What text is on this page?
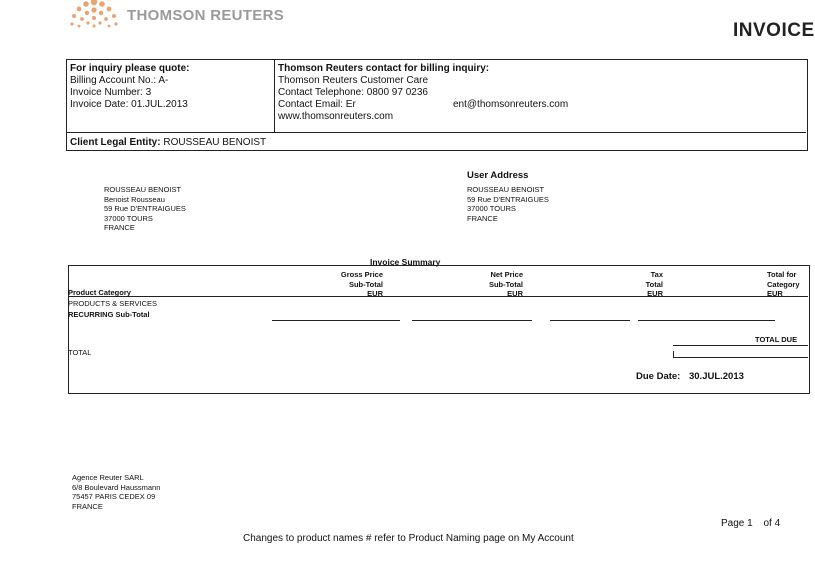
THOMSON REUTERS
INVOICE
For inquiry please quote:
Billing Account No.: A-
Invoice Number: 3
Invoice Date: 01.JUL.2013
Thomson Reuters contact for billing inquiry:
Thomson Reuters Customer Care
Contact Telephone: 0800 97 0236
Contact Email: Er	ent@thomsonreuters.com
www.thomsonreuters.com
Client Legal Entity: ROUSSEAU BENOIST
ROUSSEAU BENOIST
Benoist Rousseau
59 Rue D'ENTRAIGUES
37000 TOURS
FRANCE
User Address
ROUSSEAU BENOIST
59 Rue D'ENTRAIGUES
37000 TOURS
FRANCE
Invoice Summary
Gross Price
Sub-Total
EUR
Net Price
Sub-Total
EUR
Tax
Total
EUR
Total for
Category
EUR
Product Category
PRODUCTS & SERVICES
RECURRING Sub-Total
TOTAL DUE
TOTAL
Due Date: 30.JUL.2013
Agence Reuter SARL
6/8 Boulevard Haussmann
75457 PARIS CEDEX 09
FRANCE
Page 1 of 4
Changes to product names # refer to Product Naming page on My Account
